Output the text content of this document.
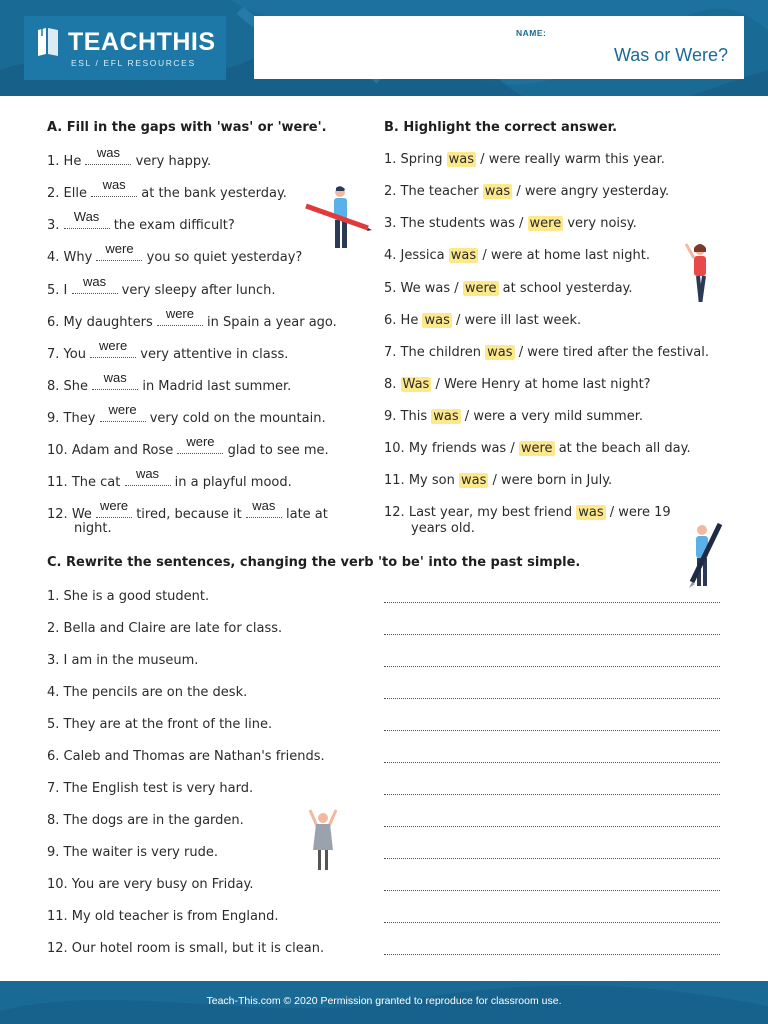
TEACHTHIS
ESL / EFL RESOURCES
NAME:
Was or Were?
A. Fill in the gaps with 'was' or 'were'.
1. He
was
very happy.
2. Elle
was
at the bank yesterday.
3.
Was
the exam difficult?
4. Why
were
you so quiet yesterday?
5. I
was
very sleepy after lunch.
6. My daughters
were
in Spain a year ago.
7. You
were
very attentive in class.
8. She
was
in Madrid last summer.
9. They
were
very cold on the mountain.
10. Adam and Rose
were
glad to see me.
11. The cat
was
in a playful mood.
12. We
were
tired, because it
was
late at
night.
B. Highlight the correct answer.
1. Spring was / were really warm this year.
2. The teacher was / were angry yesterday.
3. The students was / were very noisy.
4. Jessica was / were at home last night.
5. We was / were at school yesterday.
6. He was / were ill last week.
7. The children was / were tired after the festival.
8. Was / Were Henry at home last night?
9. This was / were a very mild summer.
10. My friends was / were at the beach all day.
11. My son was / were born in July.
12. Last year, my best friend was / were 19
years old.
C. Rewrite the sentences, changing the verb 'to be' into the past simple.
1. She is a good student.
2. Bella and Claire are late for class.
3. I am in the museum.
4. The pencils are on the desk.
5. They are at the front of the line.
6. Caleb and Thomas are Nathan's friends.
7. The English test is very hard.
8. The dogs are in the garden.
9. The waiter is very rude.
10. You are very busy on Friday.
11. My old teacher is from England.
12. Our hotel room is small, but it is clean.
Teach-This.com © 2020 Permission granted to reproduce for classroom use.
